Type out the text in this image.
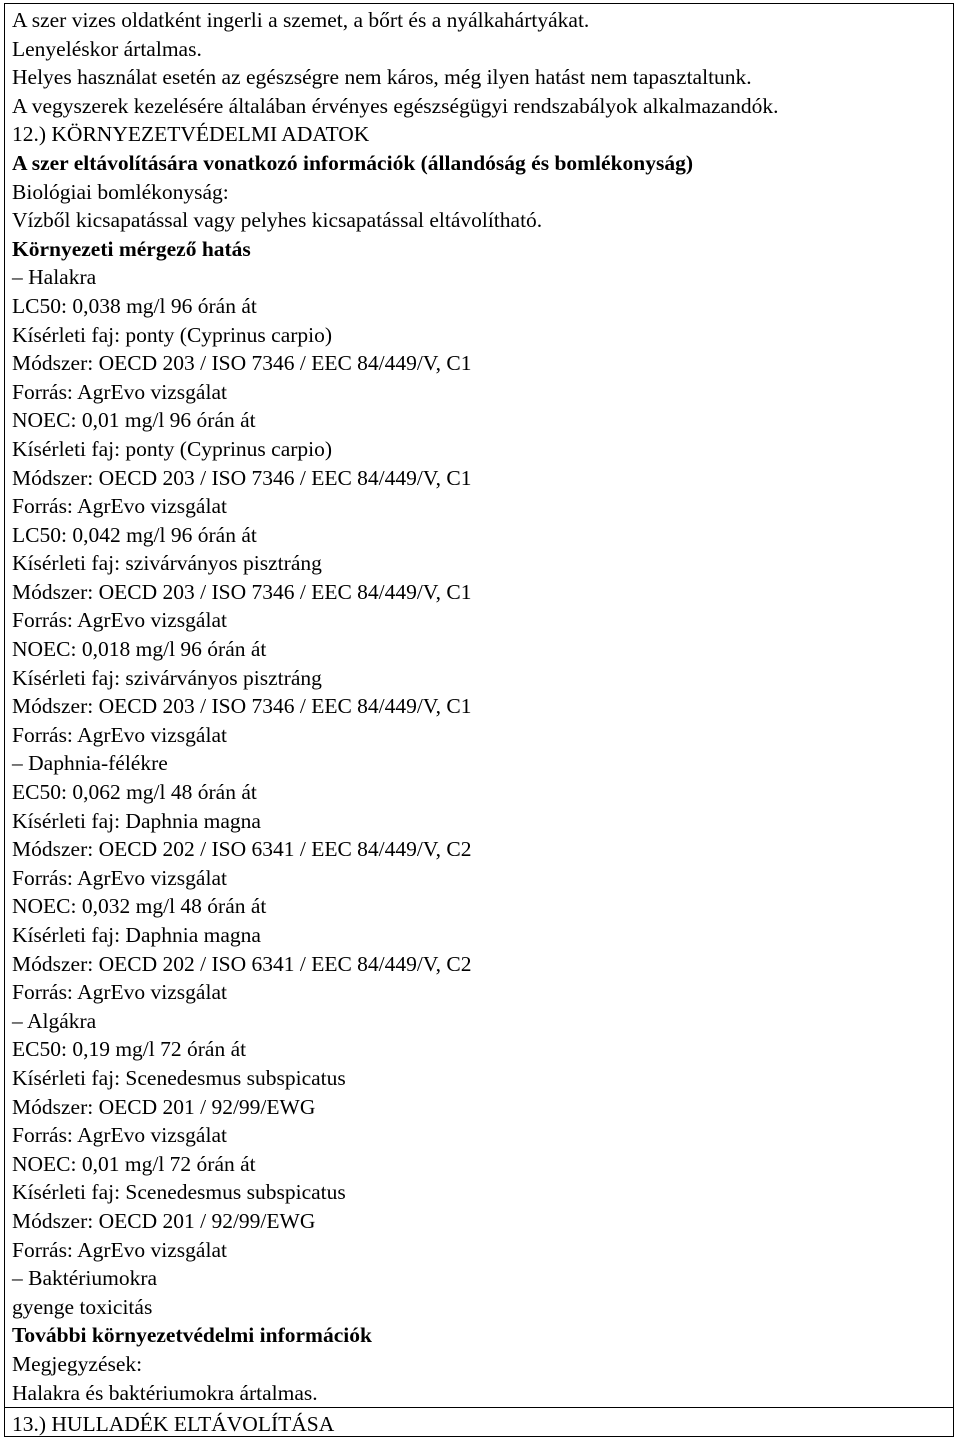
A szer vizes oldatként ingerli a szemet, a bőrt és a nyálkahártyákat.
Lenyeléskor ártalmas.
Helyes használat esetén az egészségre nem káros, még ilyen hatást nem tapasztaltunk.
A vegyszerek kezelésére általában érvényes egészségügyi rendszabályok alkalmazandók.
12.) KÖRNYEZETVÉDELMI ADATOK
A szer eltávolítására vonatkozó információk (állandóság és bomlékonyság)
Biológiai bomlékonyság:
Vízből kicsapatással vagy pelyhes kicsapatással eltávolítható.
Környezeti mérgező hatás
– Halakra
LC50: 0,038 mg/l 96 órán át
Kísérleti faj: ponty (Cyprinus carpio)
Módszer: OECD 203 / ISO 7346 / EEC 84/449/V, C1
Forrás: AgrEvo vizsgálat
NOEC: 0,01 mg/l 96 órán át
Kísérleti faj: ponty (Cyprinus carpio)
Módszer: OECD 203 / ISO 7346 / EEC 84/449/V, C1
Forrás: AgrEvo vizsgálat
LC50: 0,042 mg/l 96 órán át
Kísérleti faj: szivárványos pisztráng
Módszer: OECD 203 / ISO 7346 / EEC 84/449/V, C1
Forrás: AgrEvo vizsgálat
NOEC: 0,018 mg/l 96 órán át
Kísérleti faj: szivárványos pisztráng
Módszer: OECD 203 / ISO 7346 / EEC 84/449/V, C1
Forrás: AgrEvo vizsgálat
– Daphnia-félékre
EC50: 0,062 mg/l 48 órán át
Kísérleti faj: Daphnia magna
Módszer: OECD 202 / ISO 6341 / EEC 84/449/V, C2
Forrás: AgrEvo vizsgálat
NOEC: 0,032 mg/l 48 órán át
Kísérleti faj: Daphnia magna
Módszer: OECD 202 / ISO 6341 / EEC 84/449/V, C2
Forrás: AgrEvo vizsgálat
– Algákra
EC50: 0,19 mg/l 72 órán át
Kísérleti faj: Scenedesmus subspicatus
Módszer: OECD 201 / 92/99/EWG
Forrás: AgrEvo vizsgálat
NOEC: 0,01 mg/l 72 órán át
Kísérleti faj: Scenedesmus subspicatus
Módszer: OECD 201 / 92/99/EWG
Forrás: AgrEvo vizsgálat
– Baktériumokra
gyenge toxicitás
További környezetvédelmi információk
Megjegyzések:
Halakra és baktériumokra ártalmas.
13.) HULLADÉK ELTÁVOLÍTÁSA
